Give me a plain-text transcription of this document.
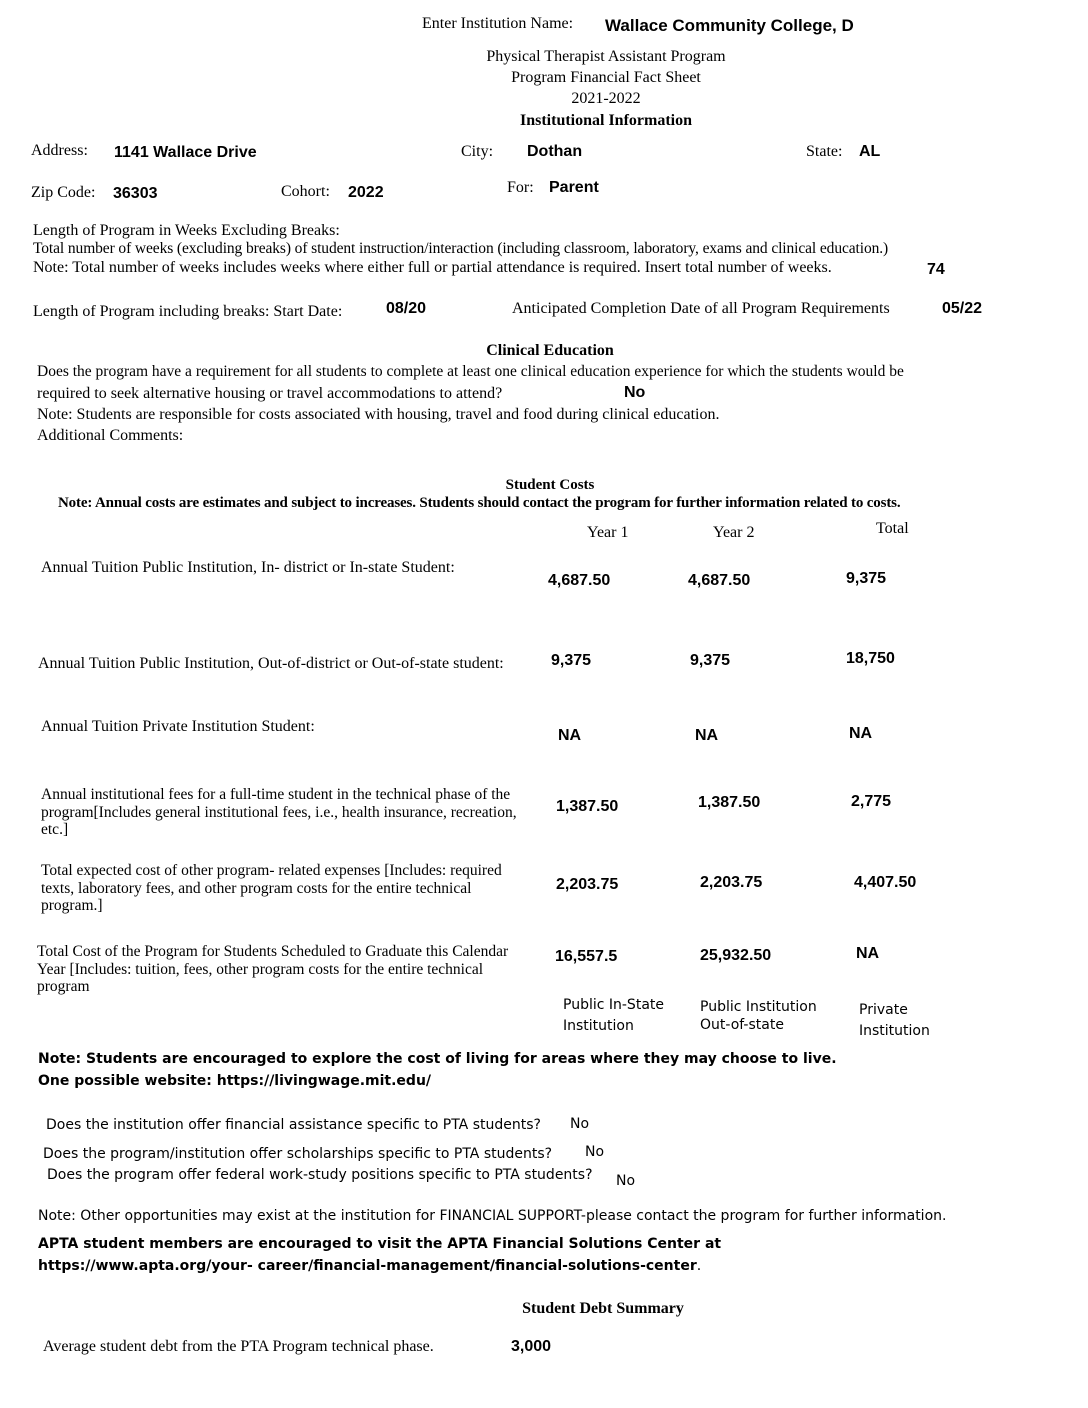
Enter Institution Name: Wallace Community College, D
Physical Therapist Assistant Program
Program Financial Fact Sheet
2021-2022
Institutional Information
Address: 1141 Wallace Drive	City: Dothan	State: AL
Zip Code: 36303	Cohort: 2022	For: Parent
Length of Program in Weeks Excluding Breaks:
Total number of weeks (excluding breaks) of student instruction/interaction (including classroom, laboratory, exams and clinical education.)
Note: Total number of weeks includes weeks where either full or partial attendance is required. Insert total number of weeks.	74
Length of Program including breaks: Start Date:	08/20	Anticipated Completion Date of all Program Requirements	05/22
Clinical Education
Does the program have a requirement for all students to complete at least one clinical education experience for which the students would be
required to seek alternative housing or travel accommodations to attend?	No
Note: Students are responsible for costs associated with housing, travel and food during clinical education.
Additional Comments:
Student Costs
Note: Annual costs are estimates and subject to increases. Students should contact the program for further information related to costs.
Year 1	Year 2	Total
Annual Tuition Public Institution, In- district or In-state Student:
4,687.50	4,687.50	9,375
Annual Tuition Public Institution, Out-of-district or Out-of-state student:	9,375	9,375	18,750
Annual Tuition Private Institution Student:
NA	NA	NA
Annual institutional fees for a full-time student in the technical phase of the program[Includes general institutional fees, i.e., health insurance, recreation, etc.]
1,387.50	1,387.50	2,775
Total expected cost of other program- related expenses [Includes: required texts, laboratory fees, and other program costs for the entire technical program.]
2,203.75	2,203.75	4,407.50
Total Cost of the Program for Students Scheduled to Graduate this Calendar Year [Includes: tuition, fees, other program costs for the entire technical program
16,557.5	25,932.50	NA
Public In-State Institution
Public Institution Out-of-state
Private Institution
Note: Students are encouraged to explore the cost of living for areas where they may choose to live.
One possible website: https://livingwage.mit.edu/
Does the institution offer financial assistance specific to PTA students? No
Does the program/institution offer scholarships specific to PTA students? No
Does the program offer federal work-study positions specific to PTA students? No
Note: Other opportunities may exist at the institution for FINANCIAL SUPPORT-please contact the program for further information.
APTA student members are encouraged to visit the APTA Financial Solutions Center at
https://www.apta.org/your- career/financial-management/financial-solutions-center.
Student Debt Summary
Average student debt from the PTA Program technical phase.	3,000
